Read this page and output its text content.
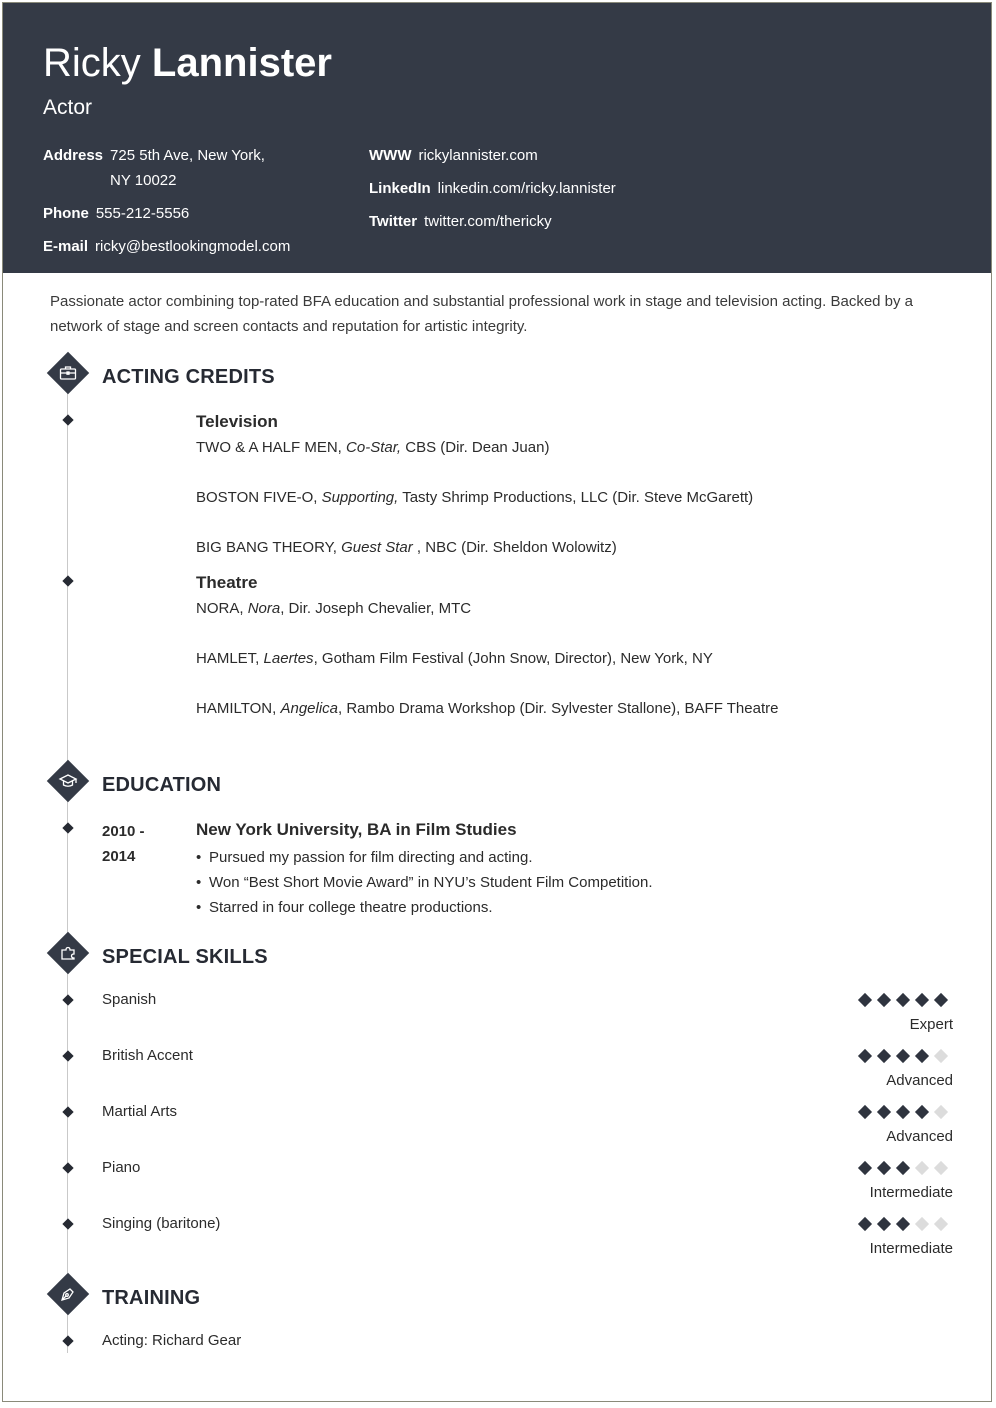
Ricky Lannister
Actor
Address 725 5th Ave, New York, NY 10022
Phone 555-212-5556
E-mail ricky@bestlookingmodel.com
WWW rickylannister.com
LinkedIn linkedin.com/ricky.lannister
Twitter twitter.com/thericky
Passionate actor combining top-rated BFA education and substantial professional work in stage and television acting. Backed by a network of stage and screen contacts and reputation for artistic integrity.
ACTING CREDITS
Television
TWO & A HALF MEN, Co-Star, CBS (Dir. Dean Juan)
BOSTON FIVE-O, Supporting, Tasty Shrimp Productions, LLC (Dir. Steve McGarett)
BIG BANG THEORY, Guest Star , NBC (Dir. Sheldon Wolowitz)
Theatre
NORA, Nora, Dir. Joseph Chevalier, MTC
HAMLET, Laertes, Gotham Film Festival (John Snow, Director), New York, NY
HAMILTON, Angelica, Rambo Drama Workshop (Dir. Sylvester Stallone), BAFF Theatre
EDUCATION
2010 -
2014
New York University, BA in Film Studies
• Pursued my passion for film directing and acting.
• Won “Best Short Movie Award” in NYU’s Student Film Competition.
• Starred in four college theatre productions.
SPECIAL SKILLS
Spanish
Expert
British Accent
Advanced
Martial Arts
Advanced
Piano
Intermediate
Singing (baritone)
Intermediate
TRAINING
Acting: Richard Gear
